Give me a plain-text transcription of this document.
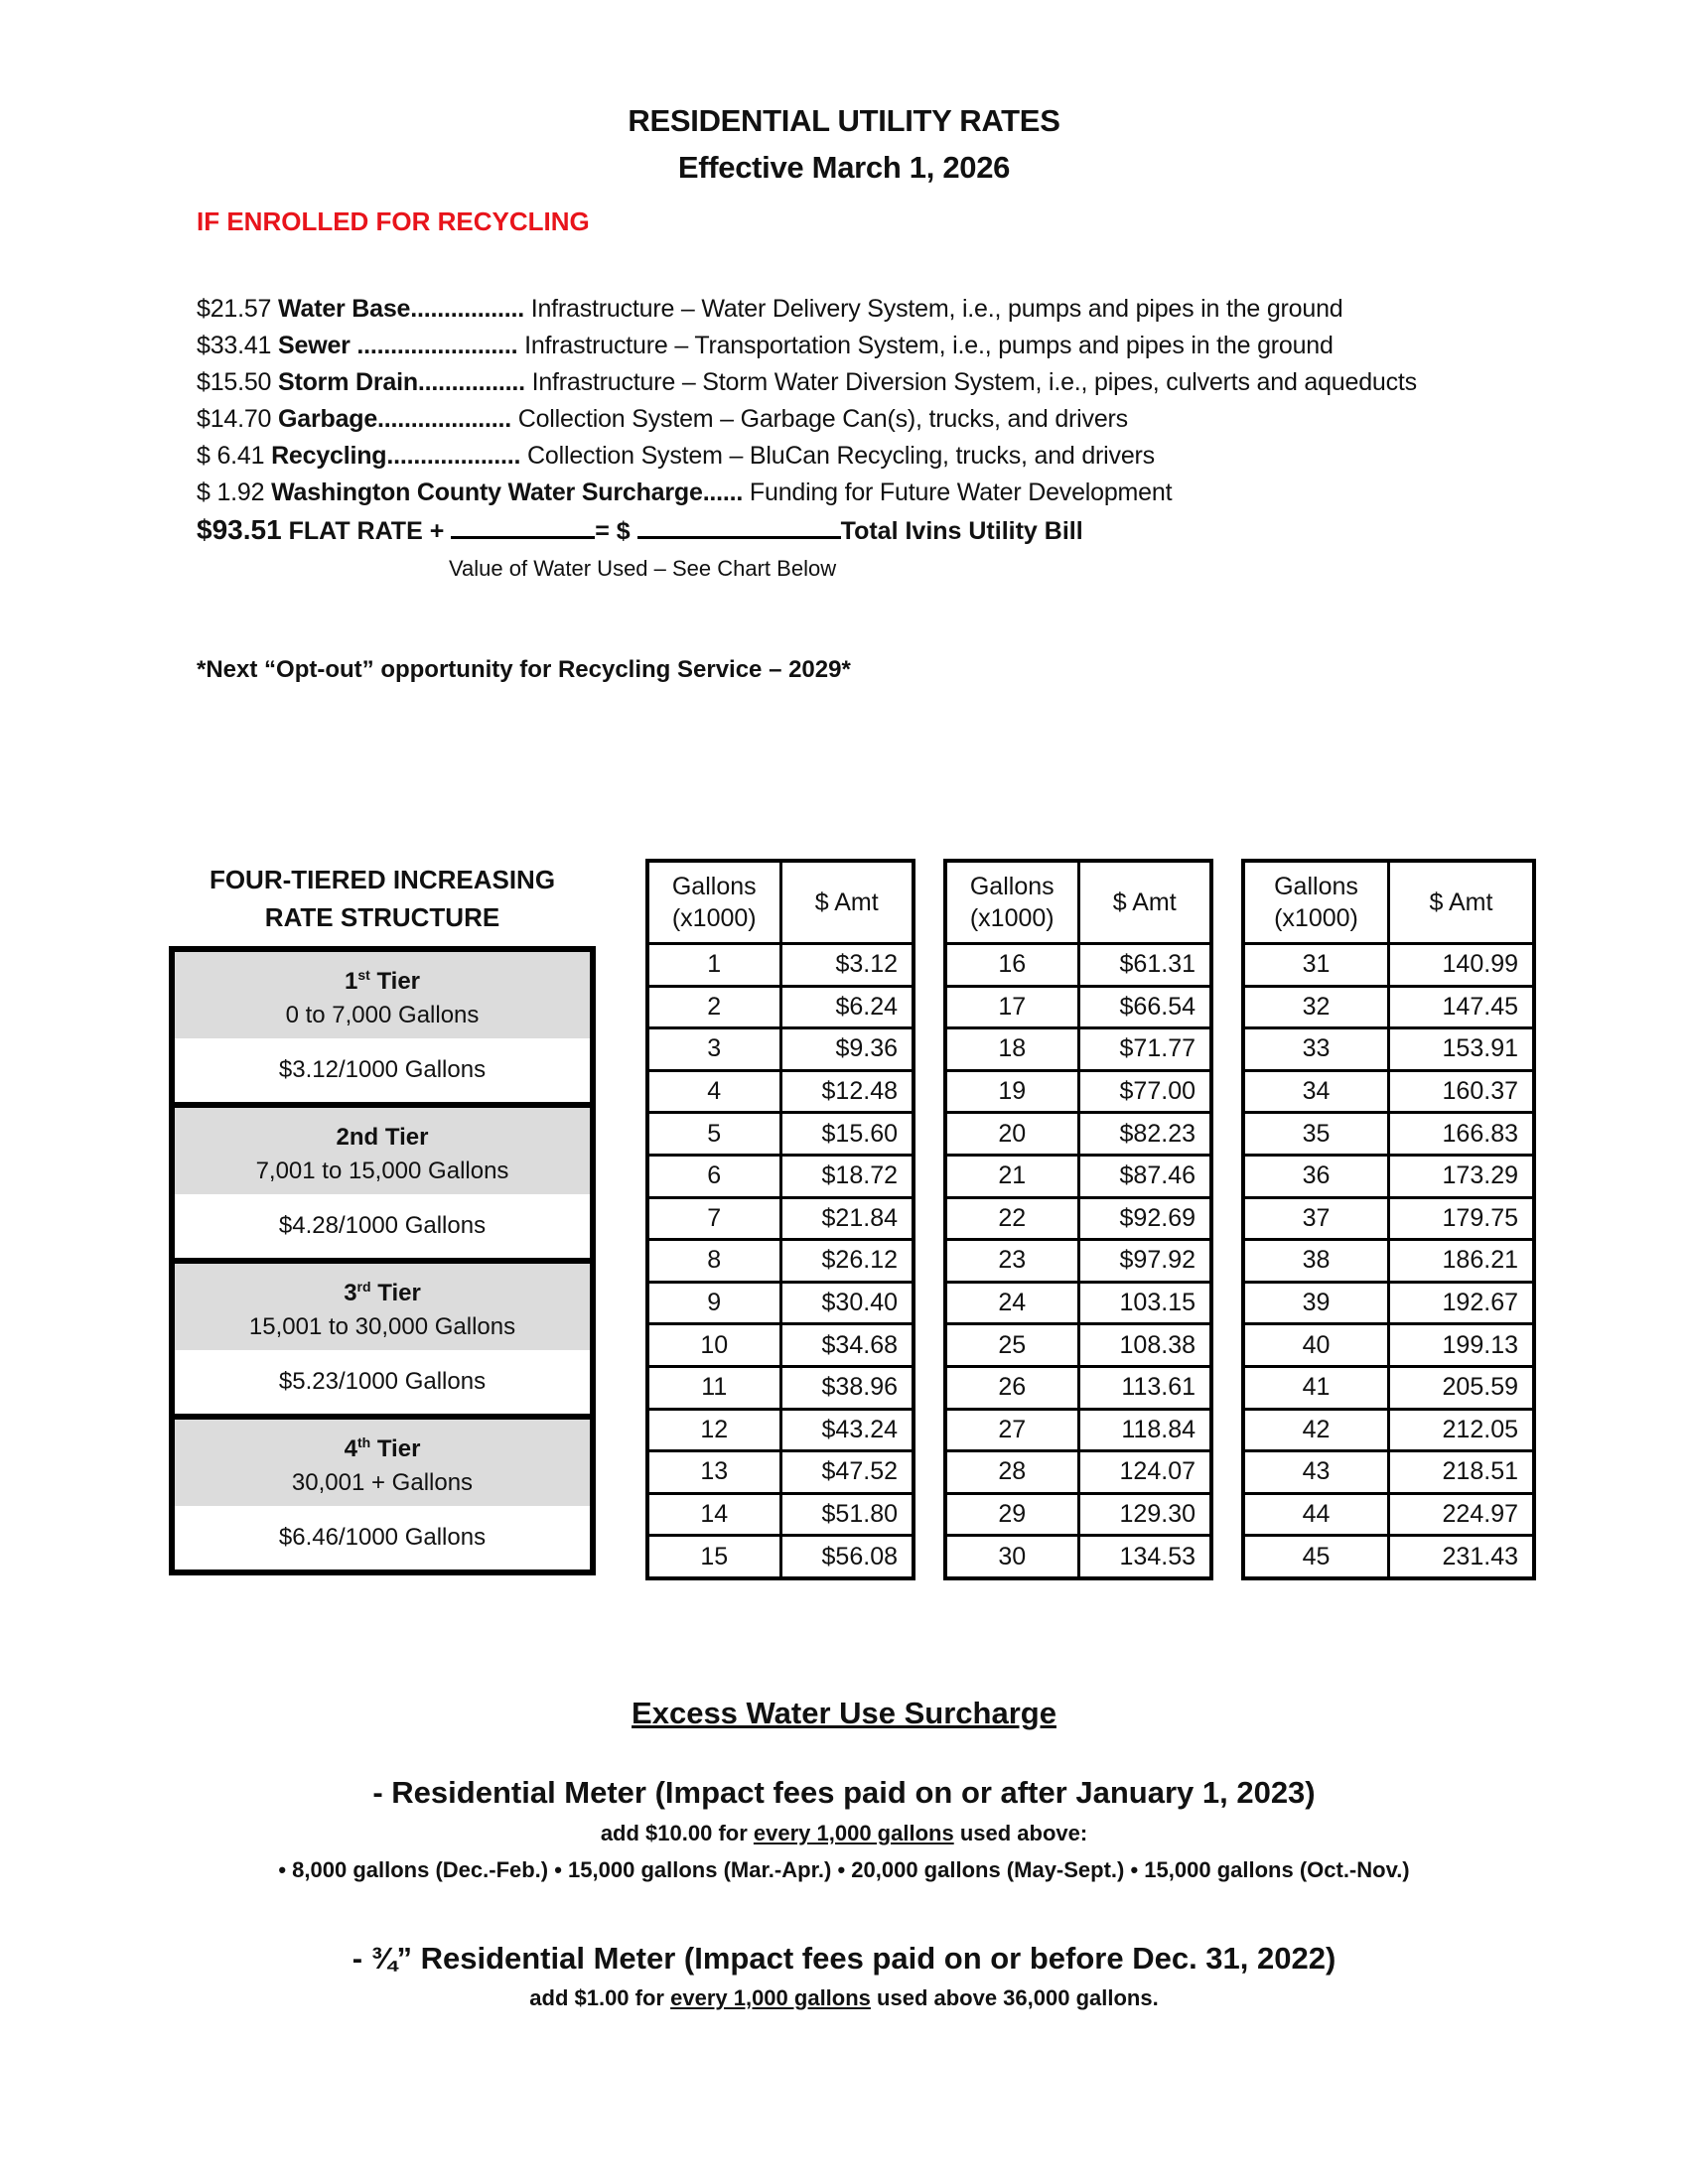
RESIDENTIAL UTILITY RATES
Effective March 1, 2026
IF ENROLLED FOR RECYCLING
$21.57 Water Base................. Infrastructure – Water Delivery System, i.e., pumps and pipes in the ground
$33.41 Sewer ........................ Infrastructure – Transportation System, i.e., pumps and pipes in the ground
$15.50 Storm Drain................ Infrastructure – Storm Water Diversion System, i.e., pipes, culverts and aqueducts
$14.70 Garbage.................... Collection System – Garbage Can(s), trucks, and drivers
$ 6.41 Recycling.................... Collection System – BluCan Recycling, trucks, and drivers
$ 1.92 Washington County Water Surcharge...... Funding for Future Water Development
$93.51 FLAT RATE +	= $	Total Ivins Utility Bill
Value of Water Used – See Chart Below
*Next “Opt-out” opportunity for Recycling Service – 2029*
FOUR-TIERED INCREASING
RATE STRUCTURE
1st Tier
0 to 7,000 Gallons
$3.12/1000 Gallons
2nd Tier
7,001 to 15,000 Gallons
$4.28/1000 Gallons
3rd Tier
15,001 to 30,000 Gallons
$5.23/1000 Gallons
4th Tier
30,001 + Gallons
$6.46/1000 Gallons
Gallons
(x1000)	$ Amt
1	$3.12
2	$6.24
3	$9.36
4	$12.48
5	$15.60
6	$18.72
7	$21.84
8	$26.12
9	$30.40
10	$34.68
11	$38.96
12	$43.24
13	$47.52
14	$51.80
15	$56.08
Gallons
(x1000)	$ Amt
16	$61.31
17	$66.54
18	$71.77
19	$77.00
20	$82.23
21	$87.46
22	$92.69
23	$97.92
24	103.15
25	108.38
26	113.61
27	118.84
28	124.07
29	129.30
30	134.53
Gallons
(x1000)	$ Amt
31	140.99
32	147.45
33	153.91
34	160.37
35	166.83
36	173.29
37	179.75
38	186.21
39	192.67
40	199.13
41	205.59
42	212.05
43	218.51
44	224.97
45	231.43
Excess Water Use Surcharge
- Residential Meter (Impact fees paid on or after January 1, 2023)
add $10.00 for every 1,000 gallons used above:
• 8,000 gallons (Dec.-Feb.) • 15,000 gallons (Mar.-Apr.) • 20,000 gallons (May-Sept.) • 15,000 gallons (Oct.-Nov.)
- ¾” Residential Meter (Impact fees paid on or before Dec. 31, 2022)
add $1.00 for every 1,000 gallons used above 36,000 gallons.
